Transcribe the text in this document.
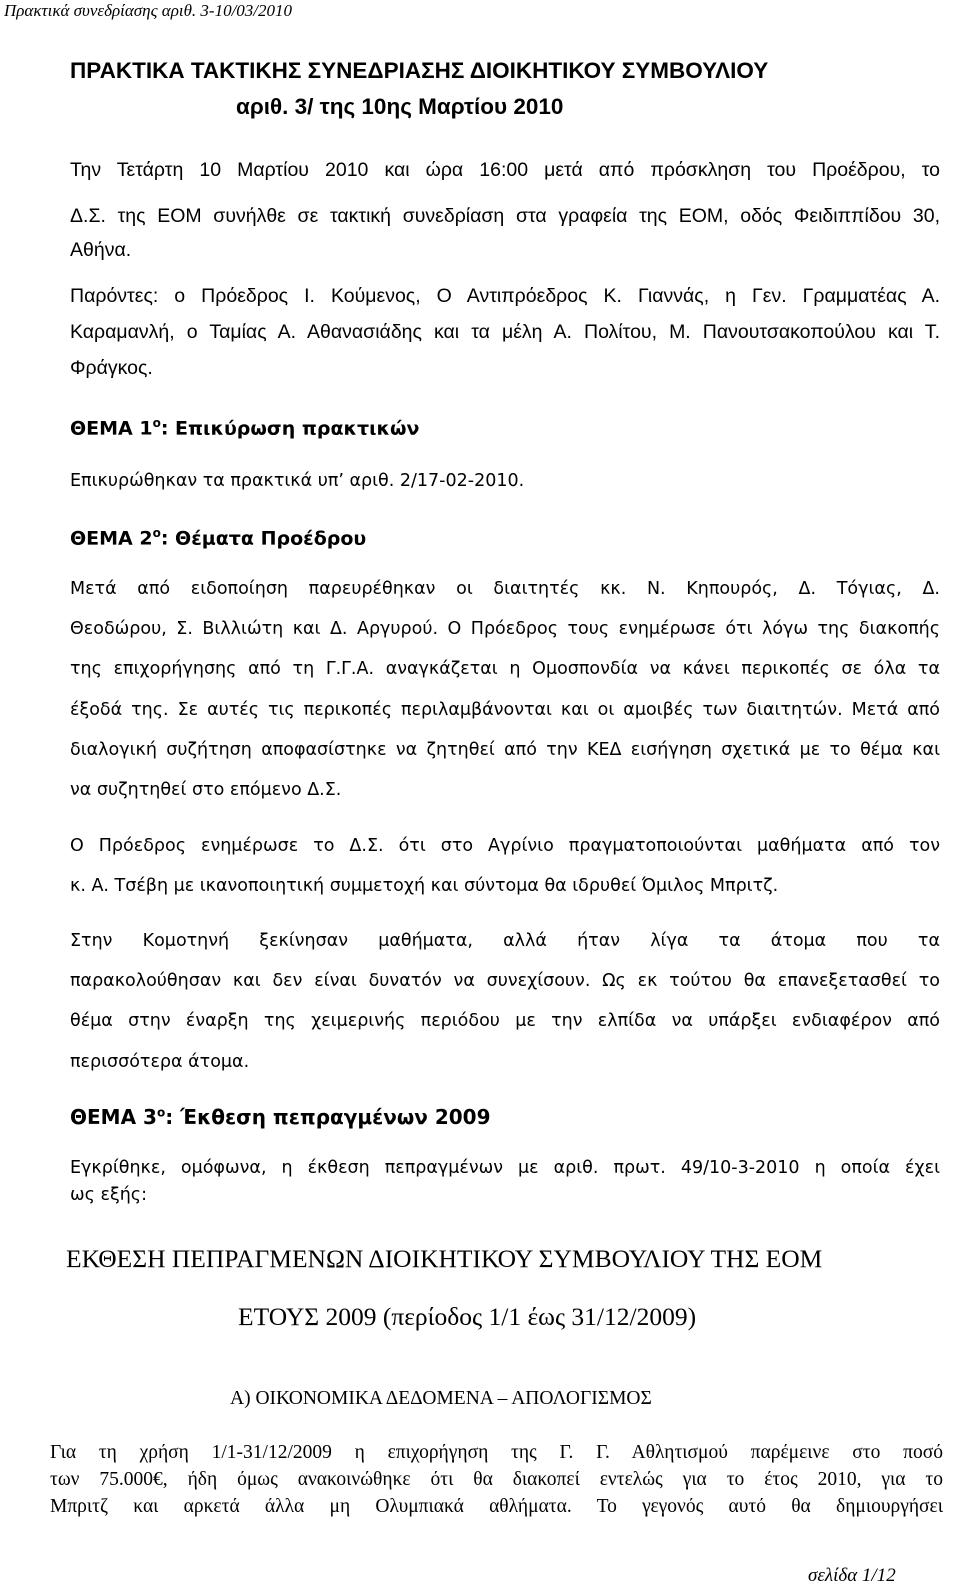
Πρακτικά συνεδρίασης αριθ. 3-10/03/2010
ΠΡΑΚΤΙΚΑ ΤΑΚΤΙΚΗΣ ΣΥΝΕΔΡΙΑΣΗΣ ΔΙΟΙΚΗΤΙΚΟΥ ΣΥΜΒΟΥΛΙΟΥ
αριθ. 3/ της 10ης Μαρτίου 2010
Την Τετάρτη 10 Μαρτίου 2010 και ώρα 16:00 μετά από πρόσκληση του Προέδρου, το
Δ.Σ. της ΕΟΜ συνήλθε σε τακτική συνεδρίαση στα γραφεία της ΕΟΜ, οδός Φειδιππίδου 30,
Αθήνα.
Παρόντες: ο Πρόεδρος Ι. Κούμενος, Ο Αντιπρόεδρος Κ. Γιαννάς, η Γεν. Γραμματέας Α.
Καραμανλή, ο Ταμίας Α. Αθανασιάδης και τα μέλη Α. Πολίτου, Μ. Πανουτσακοπούλου και Τ.
Φράγκος.
ΘΕΜΑ $1^o$: Επικύρωση πρακτικών
Επικυρώθηκαν τα πρακτικά υπ’ αριθ. 2/17-02-2010.
ΘΕΜΑ $2^o$: Θέματα Προέδρου
Μετά από ειδοποίηση παρευρέθηκαν οι διαιτητές κκ. Ν. Κηπουρός, Δ. Τόγιας, Δ.
Θεοδώρου, Σ. Βιλλιώτη και Δ. Αργυρού. Ο Πρόεδρος τους ενημέρωσε ότι λόγω της διακοπής
της επιχορήγησης από τη Γ.Γ.Α. αναγκάζεται η Ομοσπονδία να κάνει περικοπές σε όλα τα
έξοδά της. Σε αυτές τις περικοπές περιλαμβάνονται και οι αμοιβές των διαιτητών. Μετά από
διαλογική συζήτηση αποφασίστηκε να ζητηθεί από την ΚΕΔ εισήγηση σχετικά με το θέμα και
να συζητηθεί στο επόμενο Δ.Σ.
Ο Πρόεδρος ενημέρωσε το Δ.Σ. ότι στο Αγρίνιο πραγματοποιούνται μαθήματα από τον
κ. Α. Τσέβη με ικανοποιητική συμμετοχή και σύντομα θα ιδρυθεί Όμιλος Μπριτζ.
Στην Κομοτηνή ξεκίνησαν μαθήματα, αλλά ήταν λίγα τα άτομα που τα
παρακολούθησαν και δεν είναι δυνατόν να συνεχίσουν. Ως εκ τούτου θα επανεξετασθεί το
θέμα στην έναρξη της χειμερινής περιόδου με την ελπίδα να υπάρξει ενδιαφέρον από
περισσότερα άτομα.
ΘΕΜΑ $3^o$: Έκθεση πεπραγμένων 2009
Εγκρίθηκε, ομόφωνα, η έκθεση πεπραγμένων με αριθ. πρωτ. 49/10-3-2010 η οποία έχει
ως εξής:
ΕΚΘΕΣΗ ΠΕΠΡΑΓΜΕΝΩΝ ΔΙΟΙΚΗΤΙΚΟΥ ΣΥΜΒΟΥΛΙΟΥ ΤΗΣ ΕΟΜ
ΕΤΟΥΣ 2009 (περίοδος 1/1 έως 31/12/2009)
Α) ΟΙΚΟΝΟΜΙΚΑ ΔΕΔΟΜΕΝΑ – ΑΠΟΛΟΓΙΣΜΟΣ
Για τη χρήση 1/1-31/12/2009 η επιχορήγηση της Γ. Γ. Αθλητισμού παρέμεινε στο ποσό
των 75.000€, ήδη όμως ανακοινώθηκε ότι θα διακοπεί εντελώς για το έτος 2010, για το
Μπριτζ και αρκετά άλλα μη Ολυμπιακά αθλήματα. Το γεγονός αυτό θα δημιουργήσει
σελίδα 1/12
